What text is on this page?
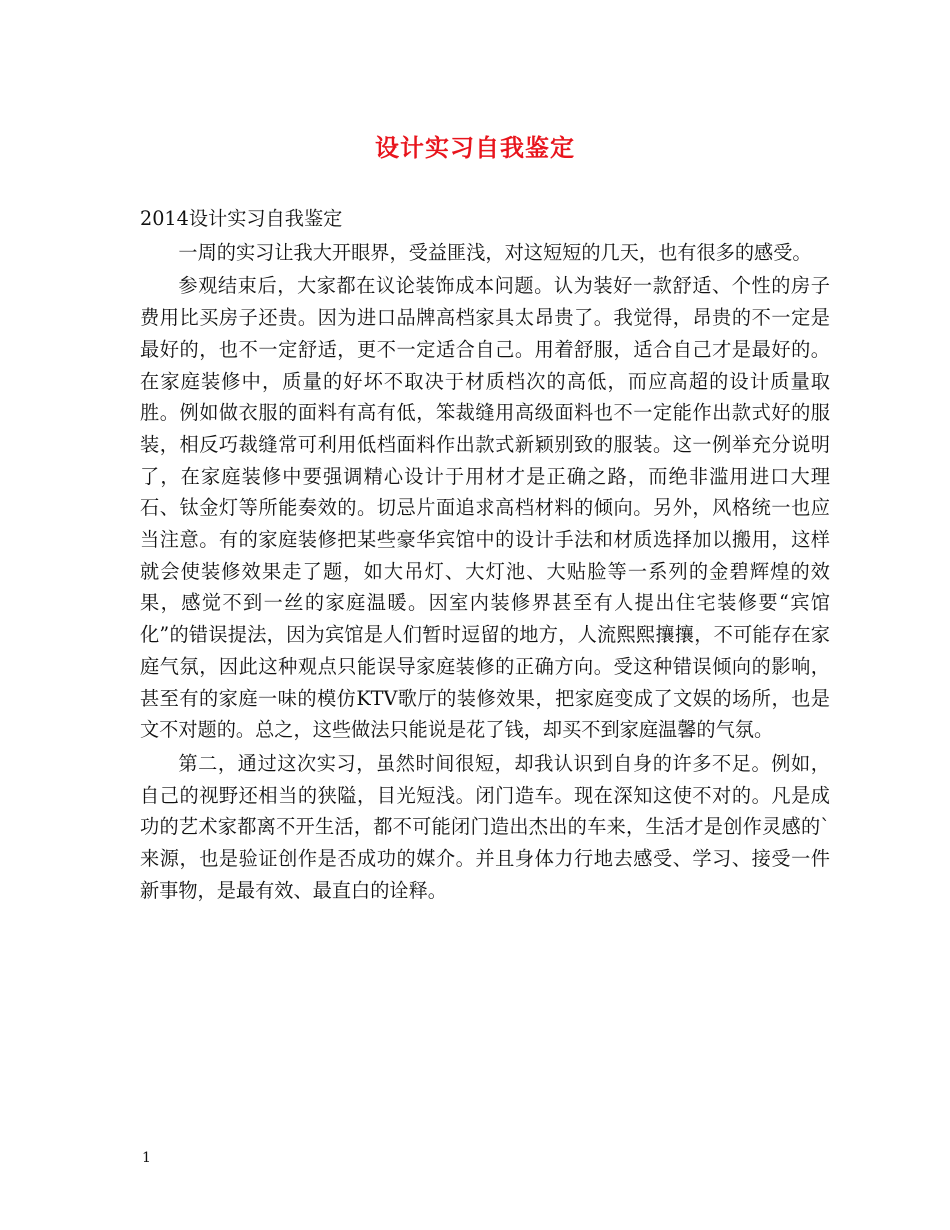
设计实习自我鉴定

2014设计实习自我鉴定

一周的实习让我大开眼界，受益匪浅，对这短短的几天，也有很多的感受。

参观结束后，大家都在议论装饰成本问题。认为装好一款舒适、个性的房子费用比买房子还贵。因为进口品牌高档家具太昂贵了。我觉得，昂贵的不一定是最好的，也不一定舒适，更不一定适合自己。用着舒服，适合自己才是最好的。在家庭装修中，质量的好坏不取决于材质档次的高低，而应高超的设计质量取胜。例如做衣服的面料有高有低，笨裁缝用高级面料也不一定能作出款式好的服装，相反巧裁缝常可利用低档面料作出款式新颖别致的服装。这一例举充分说明了，在家庭装修中要强调精心设计于用材才是正确之路，而绝非滥用进口大理石、钛金灯等所能奏效的。切忌片面追求高档材料的倾向。另外，风格统一也应当注意。有的家庭装修把某些豪华宾馆中的设计手法和材质选择加以搬用，这样就会使装修效果走了题，如大吊灯、大灯池、大贴脸等一系列的金碧辉煌的效果，感觉不到一丝的家庭温暖。因室内装修界甚至有人提出住宅装修要“宾馆化”的错误提法，因为宾馆是人们暂时逗留的地方，人流熙熙攘攘，不可能存在家庭气氛，因此这种观点只能误导家庭装修的正确方向。受这种错误倾向的影响，甚至有的家庭一味的模仿KTV歌厅的装修效果，把家庭变成了文娱的场所，也是文不对题的。总之，这些做法只能说是花了钱，却买不到家庭温馨的气氛。

第二，通过这次实习，虽然时间很短，却我认识到自身的许多不足。例如，自己的视野还相当的狭隘，目光短浅。闭门造车。现在深知这使不对的。凡是成功的艺术家都离不开生活，都不可能闭门造出杰出的车来，生活才是创作灵感的`来源，也是验证创作是否成功的媒介。并且身体力行地去感受、学习、接受一件新事物，是最有效、最直白的诠释。

1
